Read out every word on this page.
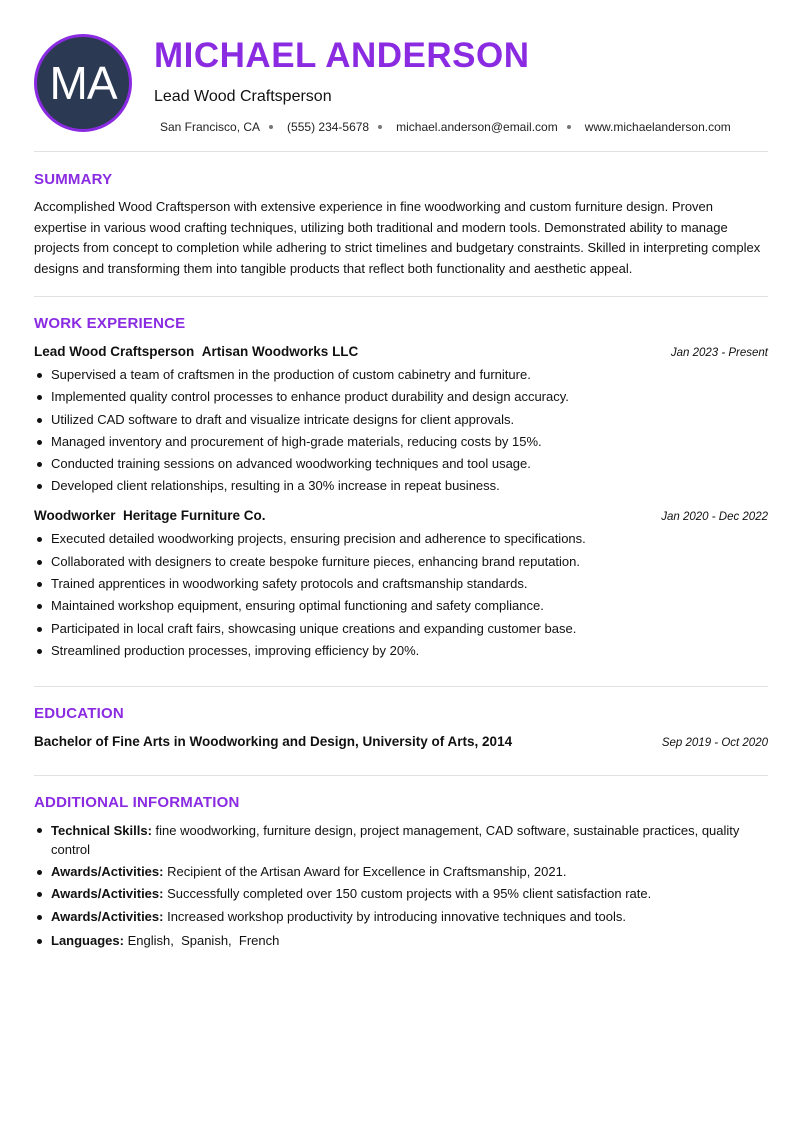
MA
MICHAEL ANDERSON
Lead Wood Craftsperson
San Francisco, CA (555) 234-5678 michael.anderson@email.com www.michaelanderson.com
SUMMARY

Accomplished Wood Craftsperson with extensive experience in fine woodworking and custom furniture design. Proven expertise in various wood crafting techniques, utilizing both traditional and modern tools. Demonstrated ability to manage projects from concept to completion while adhering to strict timelines and budgetary constraints. Skilled in interpreting complex designs and transforming them into tangible products that reflect both functionality and aesthetic appeal.

WORK EXPERIENCE
Lead Wood Craftsperson Artisan Woodworks LLC	Jan 2023 - Present
Supervised a team of craftsmen in the production of custom cabinetry and furniture.
Implemented quality control processes to enhance product durability and design accuracy.
Utilized CAD software to draft and visualize intricate designs for client approvals.
Managed inventory and procurement of high-grade materials, reducing costs by 15%.
Conducted training sessions on advanced woodworking techniques and tool usage.
Developed client relationships, resulting in a 30% increase in repeat business.
Woodworker Heritage Furniture Co.	Jan 2020 - Dec 2022
Executed detailed woodworking projects, ensuring precision and adherence to specifications.
Collaborated with designers to create bespoke furniture pieces, enhancing brand reputation.
Trained apprentices in woodworking safety protocols and craftsmanship standards.
Maintained workshop equipment, ensuring optimal functioning and safety compliance.
Participated in local craft fairs, showcasing unique creations and expanding customer base.
Streamlined production processes, improving efficiency by 20%.
EDUCATION
Bachelor of Fine Arts in Woodworking and Design, University of Arts, 2014	Sep 2019 - Oct 2020
ADDITIONAL INFORMATION
Technical Skills: fine woodworking, furniture design, project management, CAD software, sustainable practices, quality control
Awards/Activities: Recipient of the Artisan Award for Excellence in Craftsmanship, 2021.
Awards/Activities: Successfully completed over 150 custom projects with a 95% client satisfaction rate.
Awards/Activities: Increased workshop productivity by introducing innovative techniques and tools.
Languages: English,  Spanish,  French
